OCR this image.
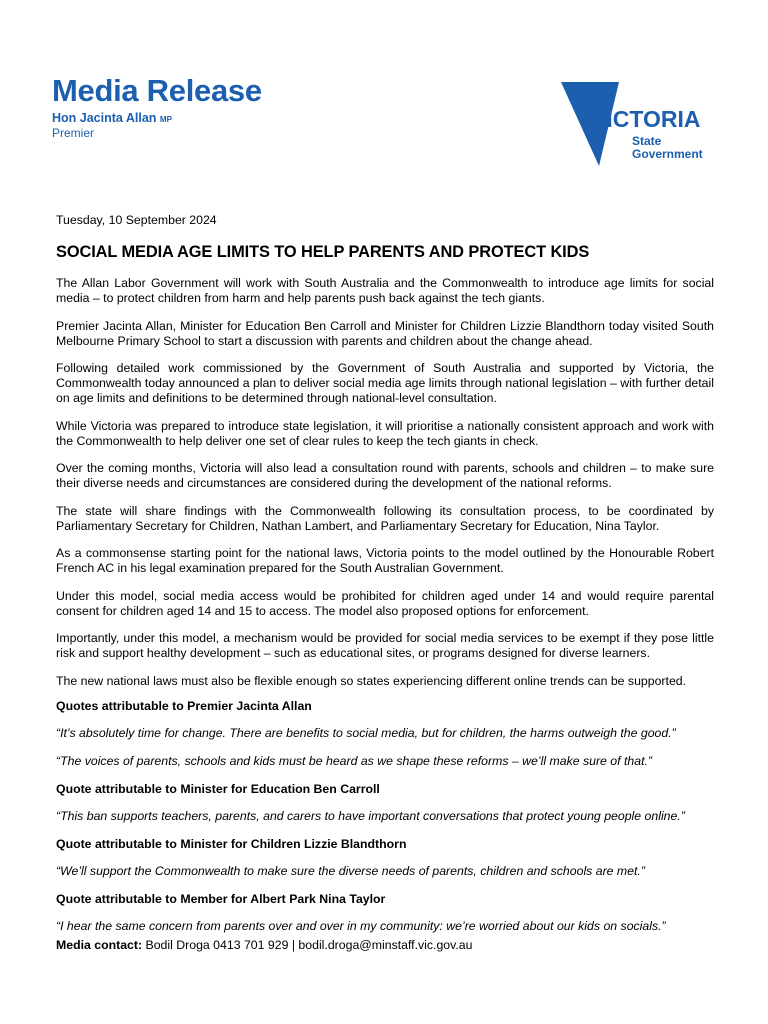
Media Release
Hon Jacinta Allan MP
Premier
VICTORIA
State
Government

Tuesday, 10 September 2024

SOCIAL MEDIA AGE LIMITS TO HELP PARENTS AND PROTECT KIDS

The Allan Labor Government will work with South Australia and the Commonwealth to introduce age limits for social media – to protect children from harm and help parents push back against the tech giants.

Premier Jacinta Allan, Minister for Education Ben Carroll and Minister for Children Lizzie Blandthorn today visited South Melbourne Primary School to start a discussion with parents and children about the change ahead.

Following detailed work commissioned by the Government of South Australia and supported by Victoria, the Commonwealth today announced a plan to deliver social media age limits through national legislation – with further detail on age limits and definitions to be determined through national-level consultation.

While Victoria was prepared to introduce state legislation, it will prioritise a nationally consistent approach and work with the Commonwealth to help deliver one set of clear rules to keep the tech giants in check.

Over the coming months, Victoria will also lead a consultation round with parents, schools and children – to make sure their diverse needs and circumstances are considered during the development of the national reforms.

The state will share findings with the Commonwealth following its consultation process, to be coordinated by Parliamentary Secretary for Children, Nathan Lambert, and Parliamentary Secretary for Education, Nina Taylor.

As a commonsense starting point for the national laws, Victoria points to the model outlined by the Honourable Robert French AC in his legal examination prepared for the South Australian Government.

Under this model, social media access would be prohibited for children aged under 14 and would require parental consent for children aged 14 and 15 to access. The model also proposed options for enforcement.

Importantly, under this model, a mechanism would be provided for social media services to be exempt if they pose little risk and support healthy development – such as educational sites, or programs designed for diverse learners.

The new national laws must also be flexible enough so states experiencing different online trends can be supported.

Quotes attributable to Premier Jacinta Allan

“It’s absolutely time for change. There are benefits to social media, but for children, the harms outweigh the good.”

“The voices of parents, schools and kids must be heard as we shape these reforms – we’ll make sure of that.”

Quote attributable to Minister for Education Ben Carroll

“This ban supports teachers, parents, and carers to have important conversations that protect young people online.”

Quote attributable to Minister for Children Lizzie Blandthorn

“We’ll support the Commonwealth to make sure the diverse needs of parents, children and schools are met.”

Quote attributable to Member for Albert Park Nina Taylor

“I hear the same concern from parents over and over in my community: we’re worried about our kids on socials.”

Media contact: Bodil Droga 0413 701 929 | bodil.droga@minstaff.vic.gov.au
